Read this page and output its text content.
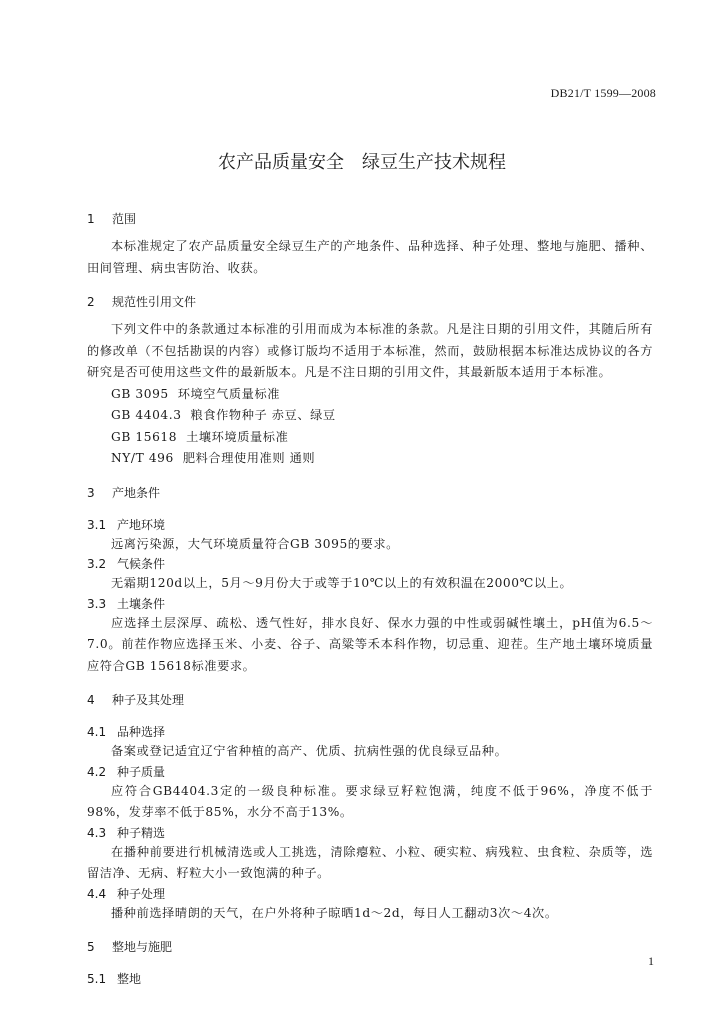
DB21/T 1599—2008
农产品质量安全　绿豆生产技术规程
1	范围

本标准规定了农产品质量安全绿豆生产的产地条件、品种选择、种子处理、整地与施肥、播种、田间管理、病虫害防治、收获。

2	规范性引用文件

下列文件中的条款通过本标准的引用而成为本标准的条款。凡是注日期的引用文件，其随后所有的修改单（不包括勘误的内容）或修订版均不适用于本标准，然而，鼓励根据本标准达成协议的各方研究是否可使用这些文件的最新版本。凡是不注日期的引用文件，其最新版本适用于本标准。

GB 3095  环境空气质量标准

GB 4404.3  粮食作物种子 赤豆、绿豆

GB 15618  土壤环境质量标准

NY/T 496  肥料合理使用准则 通则

3	产地条件
3.1 产地环境

远离污染源，大气环境质量符合GB 3095的要求。

3.2 气候条件

无霜期120d以上，5月～9月份大于或等于10℃以上的有效积温在2000℃以上。

3.3 土壤条件

应选择土层深厚、疏松、透气性好，排水良好、保水力强的中性或弱碱性壤土，pH值为6.5～7.0。前茬作物应选择玉米、小麦、谷子、高粱等禾本科作物，切忌重、迎茬。生产地土壤环境质量应符合GB 15618标准要求。

4	种子及其处理
4.1 品种选择

备案或登记适宜辽宁省种植的高产、优质、抗病性强的优良绿豆品种。

4.2 种子质量

应符合GB4404.3定的一级良种标准。要求绿豆籽粒饱满，纯度不低于96%，净度不低于98%，发芽率不低于85%，水分不高于13%。

4.3 种子精选

在播种前要进行机械清选或人工挑选，清除瘪粒、小粒、硬实粒、病残粒、虫食粒、杂质等，选留洁净、无病、籽粒大小一致饱满的种子。

4.4 种子处理

播种前选择晴朗的天气，在户外将种子晾晒1d～2d，每日人工翻动3次～4次。

5	整地与施肥
5.1 整地
1
